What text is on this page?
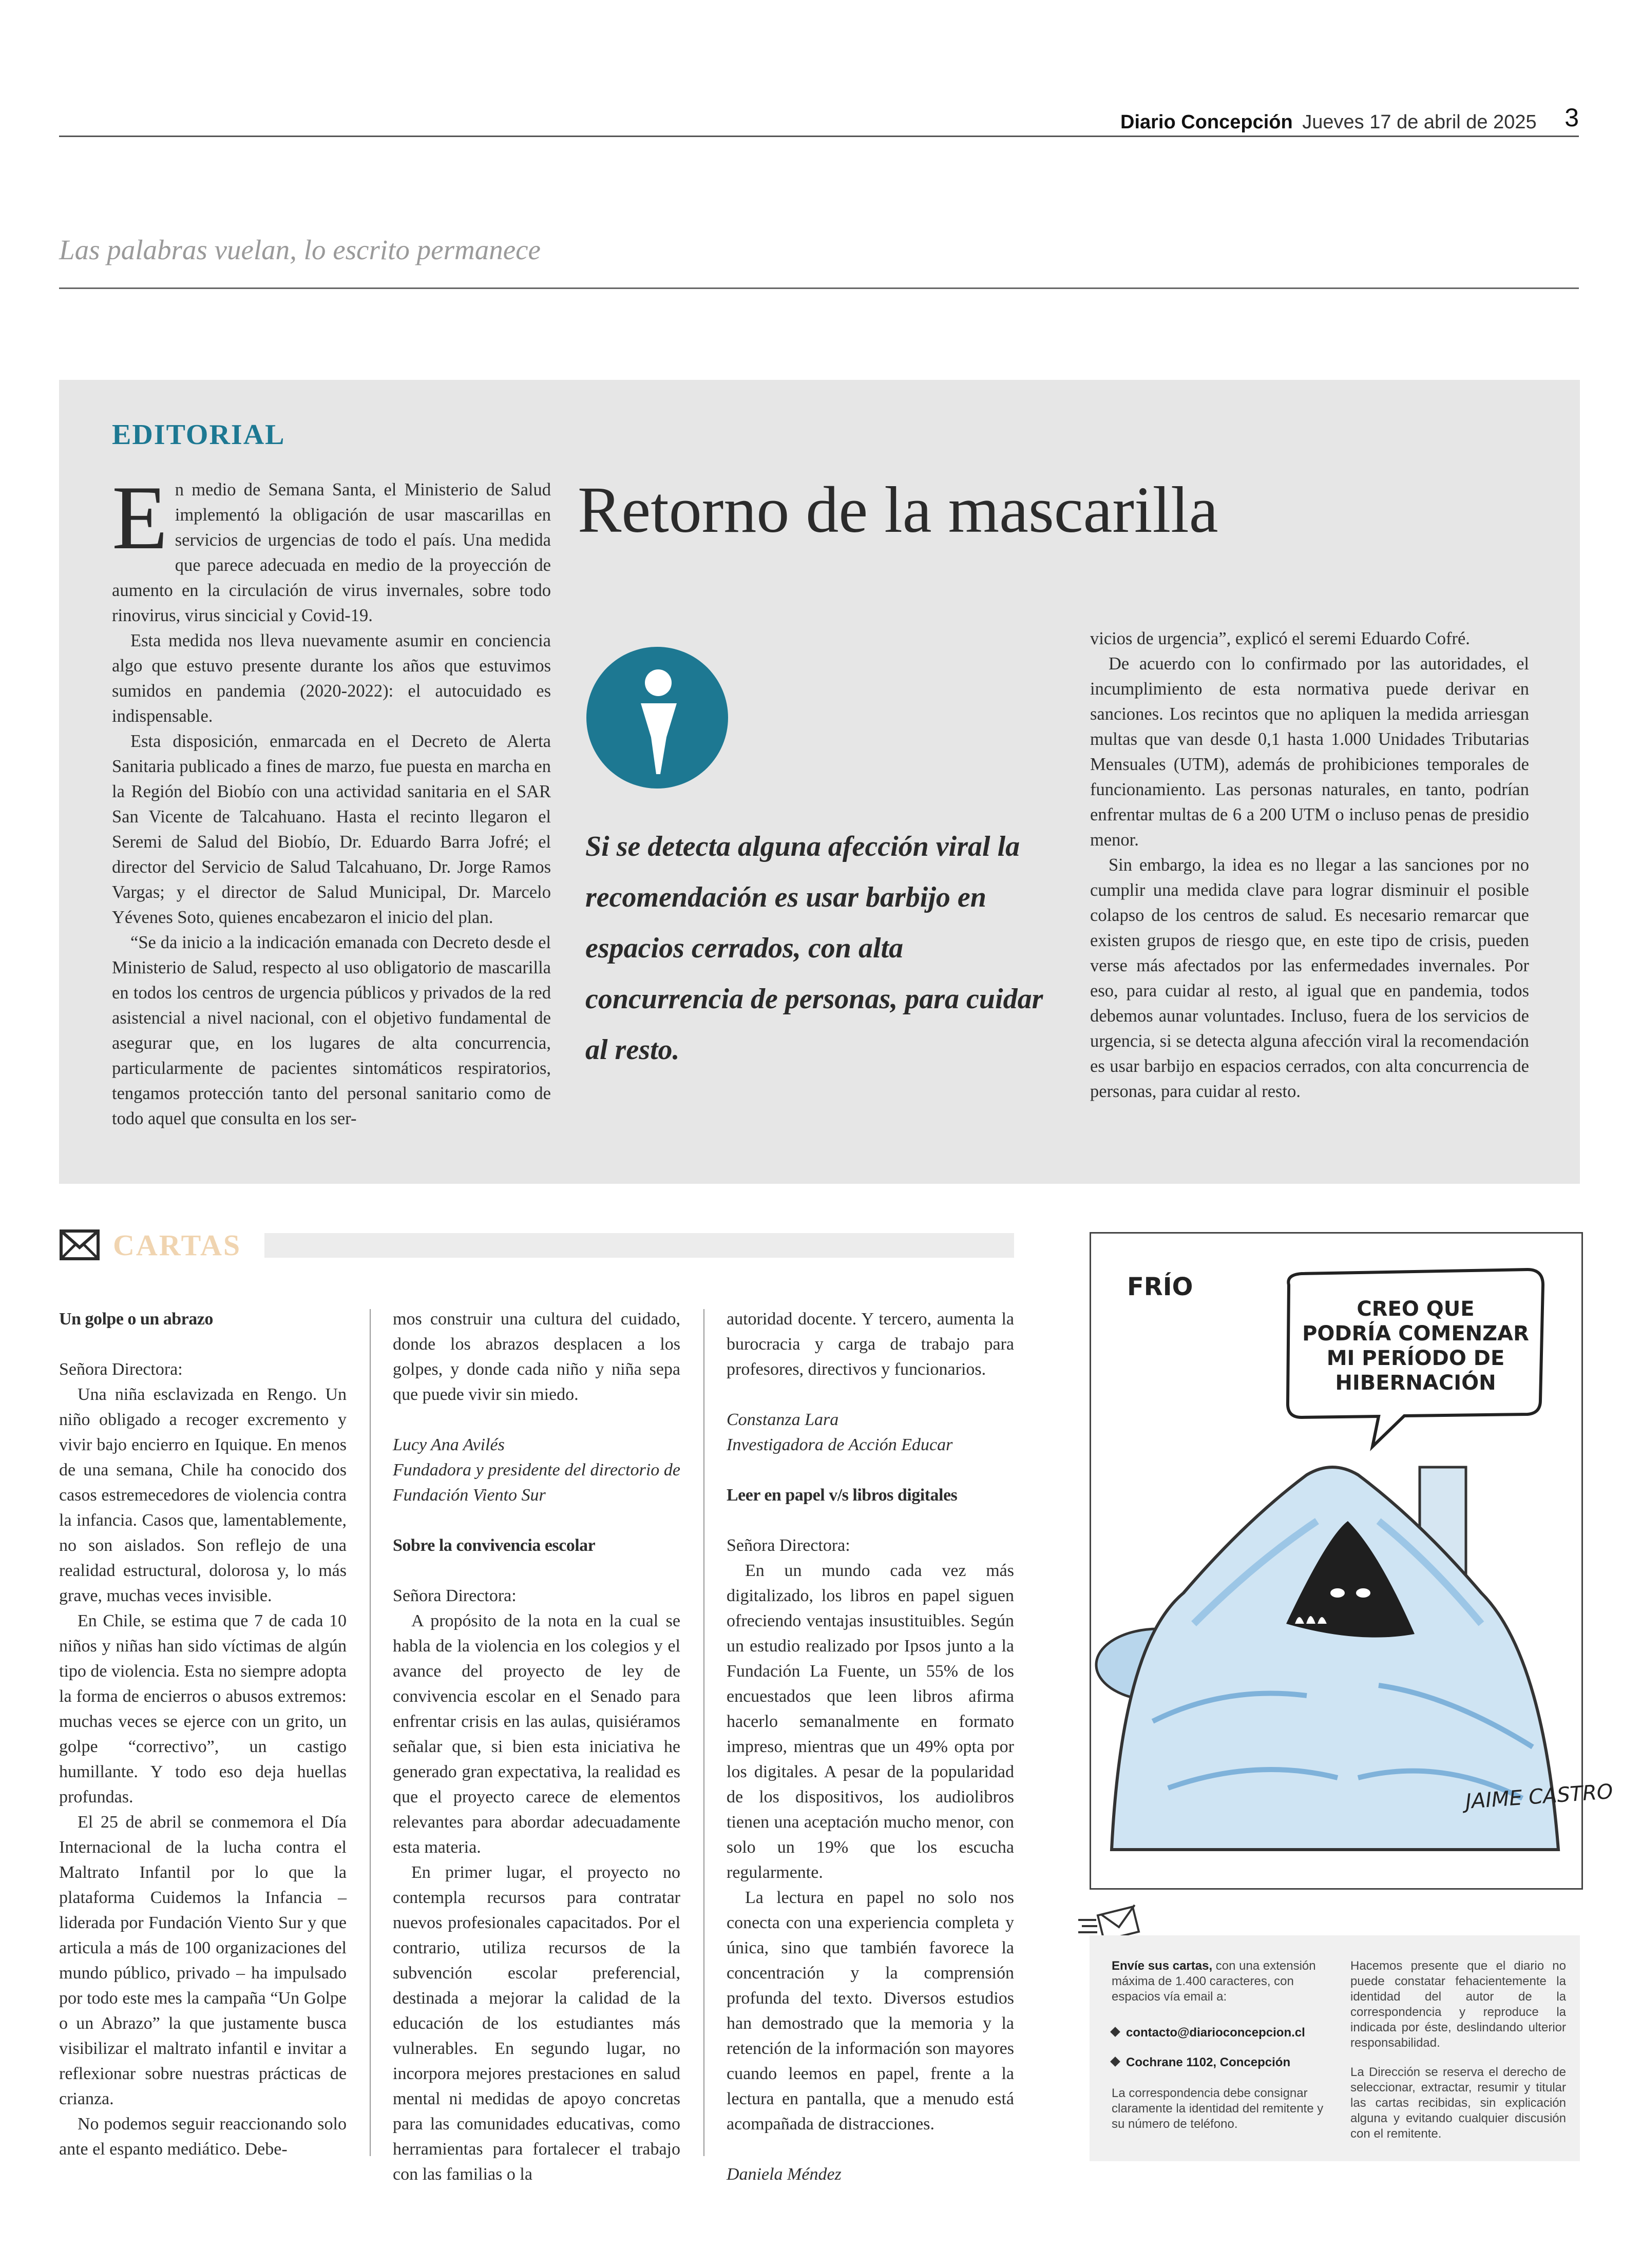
Diario Concepción Jueves 17 de abril de 2025 3
Las palabras vuelan, lo escrito permanece
EDITORIAL
Retorno de la mascarilla

En medio de Semana Santa, el Ministerio de Salud implementó la obligación de usar mascarillas en servicios de urgencias de todo el país. Una medida que parece adecuada en medio de la proyección de aumento en la circulación de virus invernales, sobre todo rinovirus, virus sincicial y Covid-19.

Esta medida nos lleva nuevamente asumir en conciencia algo que estuvo presente durante los años que estuvimos sumidos en pandemia (2020-2022): el autocuidado es indispensable.

Esta disposición, enmarcada en el Decreto de Alerta Sanitaria publicado a fines de marzo, fue puesta en marcha en la Región del Biobío con una actividad sanitaria en el SAR San Vicente de Talcahuano. Hasta el recinto llegaron el Seremi de Salud del Biobío, Dr. Eduardo Barra Jofré; el director del Servicio de Salud Talcahuano, Dr. Jorge Ramos Vargas; y el director de Salud Municipal, Dr. Marcelo Yévenes Soto, quienes encabezaron el inicio del plan.

“Se da inicio a la indicación emanada con Decreto desde el Ministerio de Salud, respecto al uso obligatorio de mascarilla en todos los centros de urgencia públicos y privados de la red asistencial a nivel nacional, con el objetivo fundamental de asegurar que, en los lugares de alta concurrencia, particularmente de pacientes sintomáticos respiratorios, tengamos protección tanto del personal sanitario como de todo aquel que consulta en los ser-

Si se detecta alguna afección viral la recomendación es usar barbijo en espacios cerrados, con alta concurrencia de personas, para cuidar al resto.

vicios de urgencia”, explicó el seremi Eduardo Cofré.

De acuerdo con lo confirmado por las autoridades, el incumplimiento de esta normativa puede derivar en sanciones. Los recintos que no apliquen la medida arriesgan multas que van desde 0,1 hasta 1.000 Unidades Tributarias Mensuales (UTM), además de prohibiciones temporales de funcionamiento. Las personas naturales, en tanto, podrían enfrentar multas de 6 a 200 UTM o incluso penas de presidio menor.

Sin embargo, la idea es no llegar a las sanciones por no cumplir una medida clave para lograr disminuir el posible colapso de los centros de salud. Es necesario remarcar que existen grupos de riesgo que, en este tipo de crisis, pueden verse más afectados por las enfermedades invernales. Por eso, para cuidar al resto, al igual que en pandemia, todos debemos aunar voluntades. Incluso, fuera de los servicios de urgencia, si se detecta alguna afección viral la recomendación es usar barbijo en espacios cerrados, con alta concurrencia de personas, para cuidar al resto.

CARTAS

Un golpe o un abrazo

Señora Directora:

Una niña esclavizada en Rengo. Un niño obligado a recoger excremento y vivir bajo encierro en Iquique. En menos de una semana, Chile ha conocido dos casos estremecedores de violencia contra la infancia. Casos que, lamentablemente, no son aislados. Son reflejo de una realidad estructural, dolorosa y, lo más grave, muchas veces invisible.

En Chile, se estima que 7 de cada 10 niños y niñas han sido víctimas de algún tipo de violencia. Esta no siempre adopta la forma de encierros o abusos extremos: muchas veces se ejerce con un grito, un golpe “correctivo”, un castigo humillante. Y todo eso deja huellas profundas.

El 25 de abril se conmemora el Día Internacional de la lucha contra el Maltrato Infantil por lo que la plataforma Cuidemos la Infancia – liderada por Fundación Viento Sur y que articula a más de 100 organizaciones del mundo público, privado – ha impulsado por todo este mes la campaña “Un Golpe o un Abrazo” la que justamente busca visibilizar el maltrato infantil e invitar a reflexionar sobre nuestras prácticas de crianza.

No podemos seguir reaccionando solo ante el espanto mediático. Debe-

mos construir una cultura del cuidado, donde los abrazos desplacen a los golpes, y donde cada niño y niña sepa que puede vivir sin miedo.

Lucy Ana Avilés

Fundadora y presidente del directorio de Fundación Viento Sur

Sobre la convivencia escolar

Señora Directora:

A propósito de la nota en la cual se habla de la violencia en los colegios y el avance del proyecto de ley de convivencia escolar en el Senado para enfrentar crisis en las aulas, quisiéramos señalar que, si bien esta iniciativa he generado gran expectativa, la realidad es que el proyecto carece de elementos relevantes para abordar adecuadamente esta materia.

En primer lugar, el proyecto no contempla recursos para contratar nuevos profesionales capacitados. Por el contrario, utiliza recursos de la subvención escolar preferencial, destinada a mejorar la calidad de la educación de los estudiantes más vulnerables. En segundo lugar, no incorpora mejores prestaciones en salud mental ni medidas de apoyo concretas para las comunidades educativas, como herramientas para fortalecer el trabajo con las familias o la

autoridad docente. Y tercero, aumenta la burocracia y carga de trabajo para profesores, directivos y funcionarios.

Constanza Lara

Investigadora de Acción Educar

Leer en papel v/s libros digitales

Señora Directora:

En un mundo cada vez más digitalizado, los libros en papel siguen ofreciendo ventajas insustituibles. Según un estudio realizado por Ipsos junto a la Fundación La Fuente, un 55% de los encuestados que leen libros afirma hacerlo semanalmente en formato impreso, mientras que un 49% opta por los digitales. A pesar de la popularidad de los dispositivos, los audiolibros tienen una aceptación mucho menor, con solo un 19% que los escucha regularmente.

La lectura en papel no solo nos conecta con una experiencia completa y única, sino que también favorece la concentración y la comprensión profunda del texto. Diversos estudios han demostrado que la memoria y la retención de la información son mayores cuando leemos en papel, frente a la lectura en pantalla, que a menudo está acompañada de distracciones.

Daniela Méndez

FRÍO
CREO QUE
PODRÍA COMENZAR
MI PERÍODO DE
HIBERNACIÓN
JAIME CASTRO
Envíe sus cartas, con una extensión máxima de 1.400 caracteres, con espacios vía email a:
contacto@diarioconcepcion.cl
Cochrane 1102, Concepción
La correspondencia debe consignar claramente la identidad del remitente y su número de teléfono.
Hacemos presente que el diario no puede constatar fehacientemente la identidad del autor de la correspondencia y reproduce la indicada por éste, deslindando ulterior responsabilidad.
La Dirección se reserva el derecho de seleccionar, extractar, resumir y titular las cartas recibidas, sin explicación alguna y evitando cualquier discusión con el remitente.
